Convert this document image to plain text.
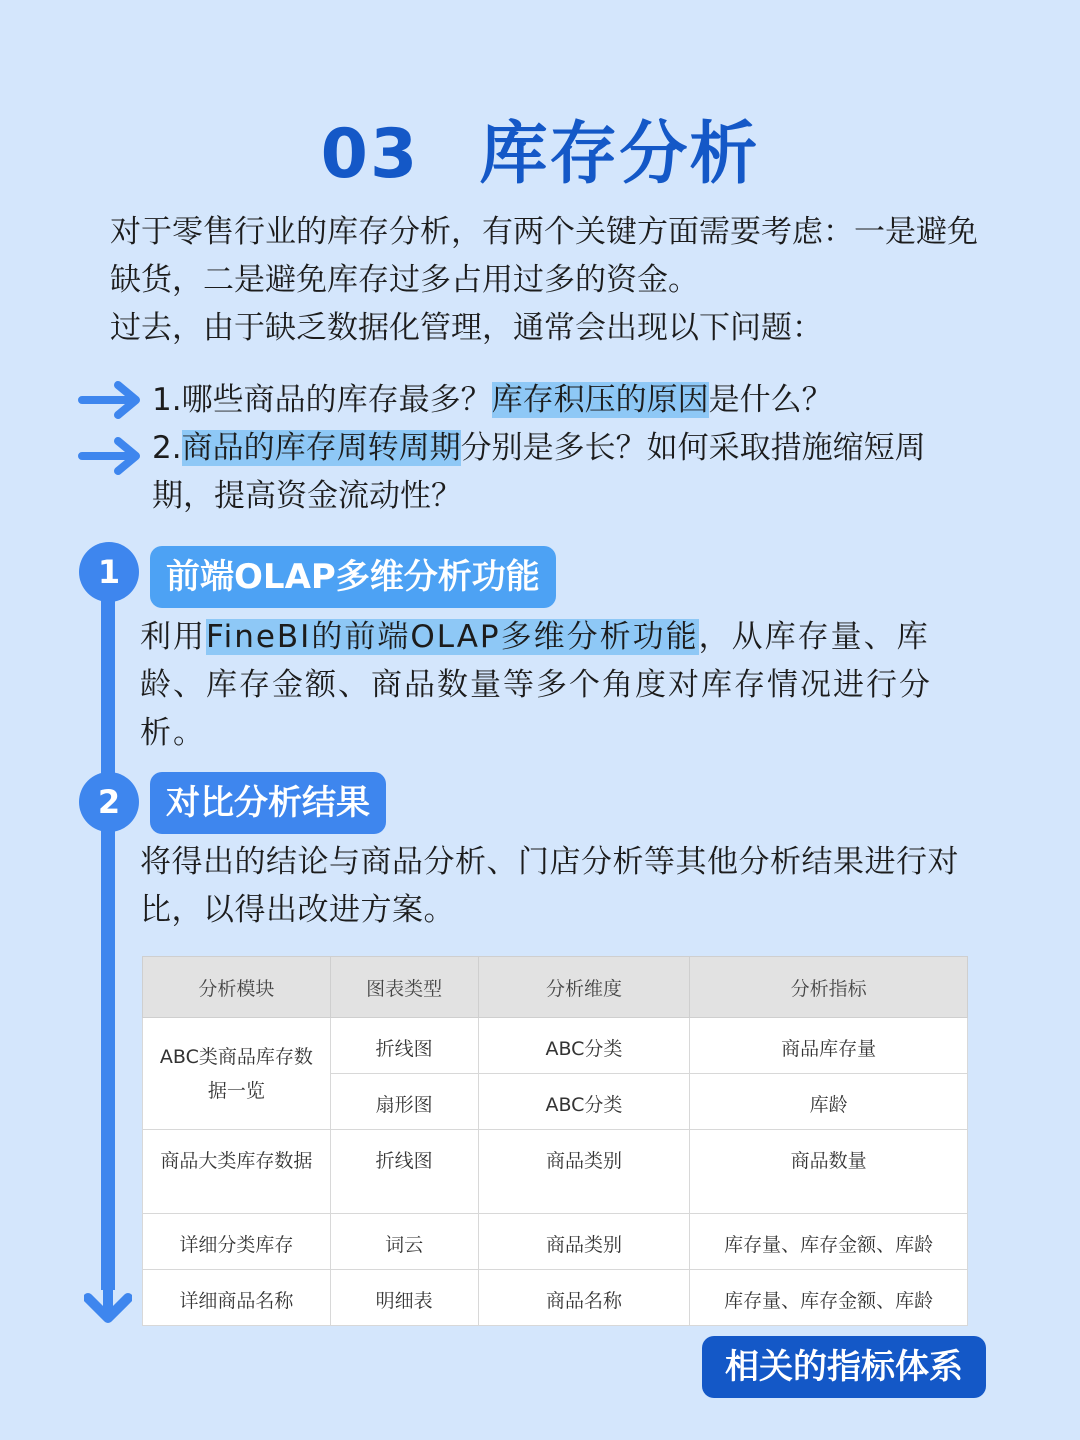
03 库存分析

对于零售行业的库存分析，有两个关键方面需要考虑：一是避免缺货，二是避免库存过多占用过多的资金。

过去，由于缺乏数据化管理，通常会出现以下问题：

1.哪些商品的库存最多？库存积压的原因是什么？
2.商品的库存周转周期分别是多长？如何采取措施缩短周期，提高资金流动性？
1	前端OLAP多维分析功能
利用FineBI的前端OLAP多维分析功能，从库存量、库龄、库存金额、商品数量等多个角度对库存情况进行分析。
2	对比分析结果
将得出的结论与商品分析、门店分析等其他分析结果进行对比，以得出改进方案。
分析模块	图表类型	分析维度	分析指标
ABC类商品库存数据一览	折线图	ABC分类	商品库存量
	扇形图	ABC分类	库龄
商品大类库存数据	折线图	商品类别	商品数量
详细分类库存	词云	商品类别	库存量、库存金额、库龄
详细商品名称	明细表	商品名称	库存量、库存金额、库龄
相关的指标体系
